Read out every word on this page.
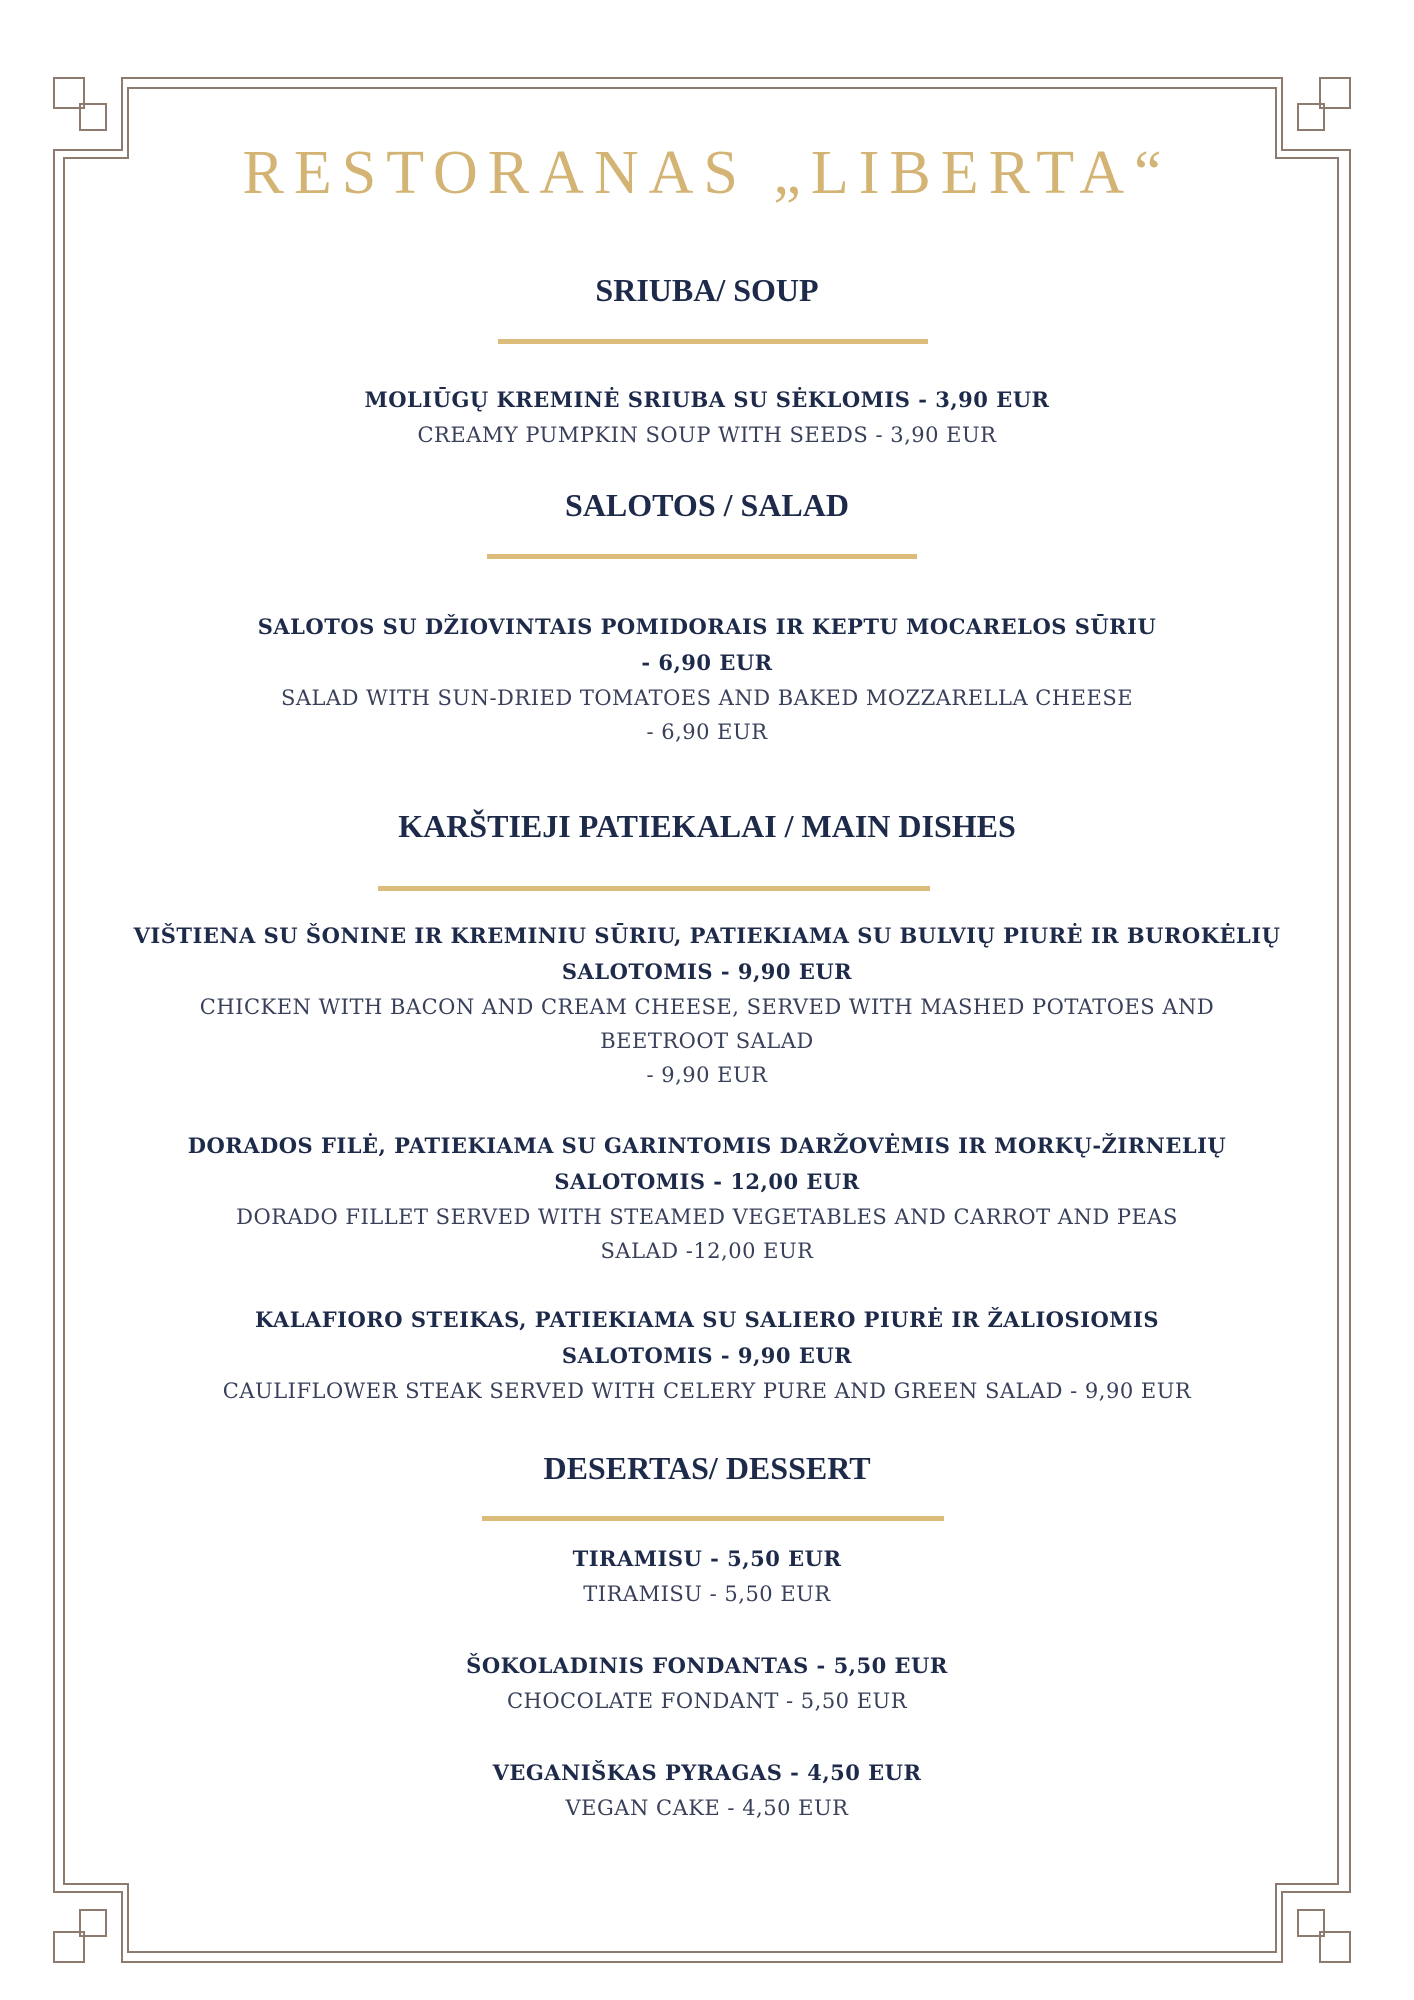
RESTORANAS „LIBERTA“
SRIUBA/ SOUP
MOLIŪGŲ KREMINĖ SRIUBA SU SĖKLOMIS - 3,90 EUR
CREAMY PUMPKIN SOUP WITH SEEDS - 3,90 EUR
SALOTOS / SALAD
SALOTOS SU DŽIOVINTAIS POMIDORAIS IR KEPTU MOCARELOS SŪRIU
- 6,90 EUR
SALAD WITH SUN-DRIED TOMATOES AND BAKED MOZZARELLA CHEESE
- 6,90 EUR
KARŠTIEJI PATIEKALAI / MAIN DISHES
VIŠTIENA SU ŠONINE IR KREMINIU SŪRIU, PATIEKIAMA SU BULVIŲ PIURĖ IR BUROKĖLIŲ
SALOTOMIS - 9,90 EUR
CHICKEN WITH BACON AND CREAM CHEESE, SERVED WITH MASHED POTATOES AND
BEETROOT SALAD
- 9,90 EUR
DORADOS FILĖ, PATIEKIAMA SU GARINTOMIS DARŽOVĖMIS IR MORKŲ-ŽIRNELIŲ
SALOTOMIS - 12,00 EUR
DORADO FILLET SERVED WITH STEAMED VEGETABLES AND CARROT AND PEAS
SALAD -12,00 EUR
KALAFIORO STEIKAS, PATIEKIAMA SU SALIERO PIURĖ IR ŽALIOSIOMIS
SALOTOMIS - 9,90 EUR
CAULIFLOWER STEAK SERVED WITH CELERY PURE AND GREEN SALAD - 9,90 EUR
DESERTAS/ DESSERT
TIRAMISU - 5,50 EUR
TIRAMISU - 5,50 EUR
ŠOKOLADINIS FONDANTAS - 5,50 EUR
CHOCOLATE FONDANT - 5,50 EUR
VEGANIŠKAS PYRAGAS - 4,50 EUR
VEGAN CAKE - 4,50 EUR
